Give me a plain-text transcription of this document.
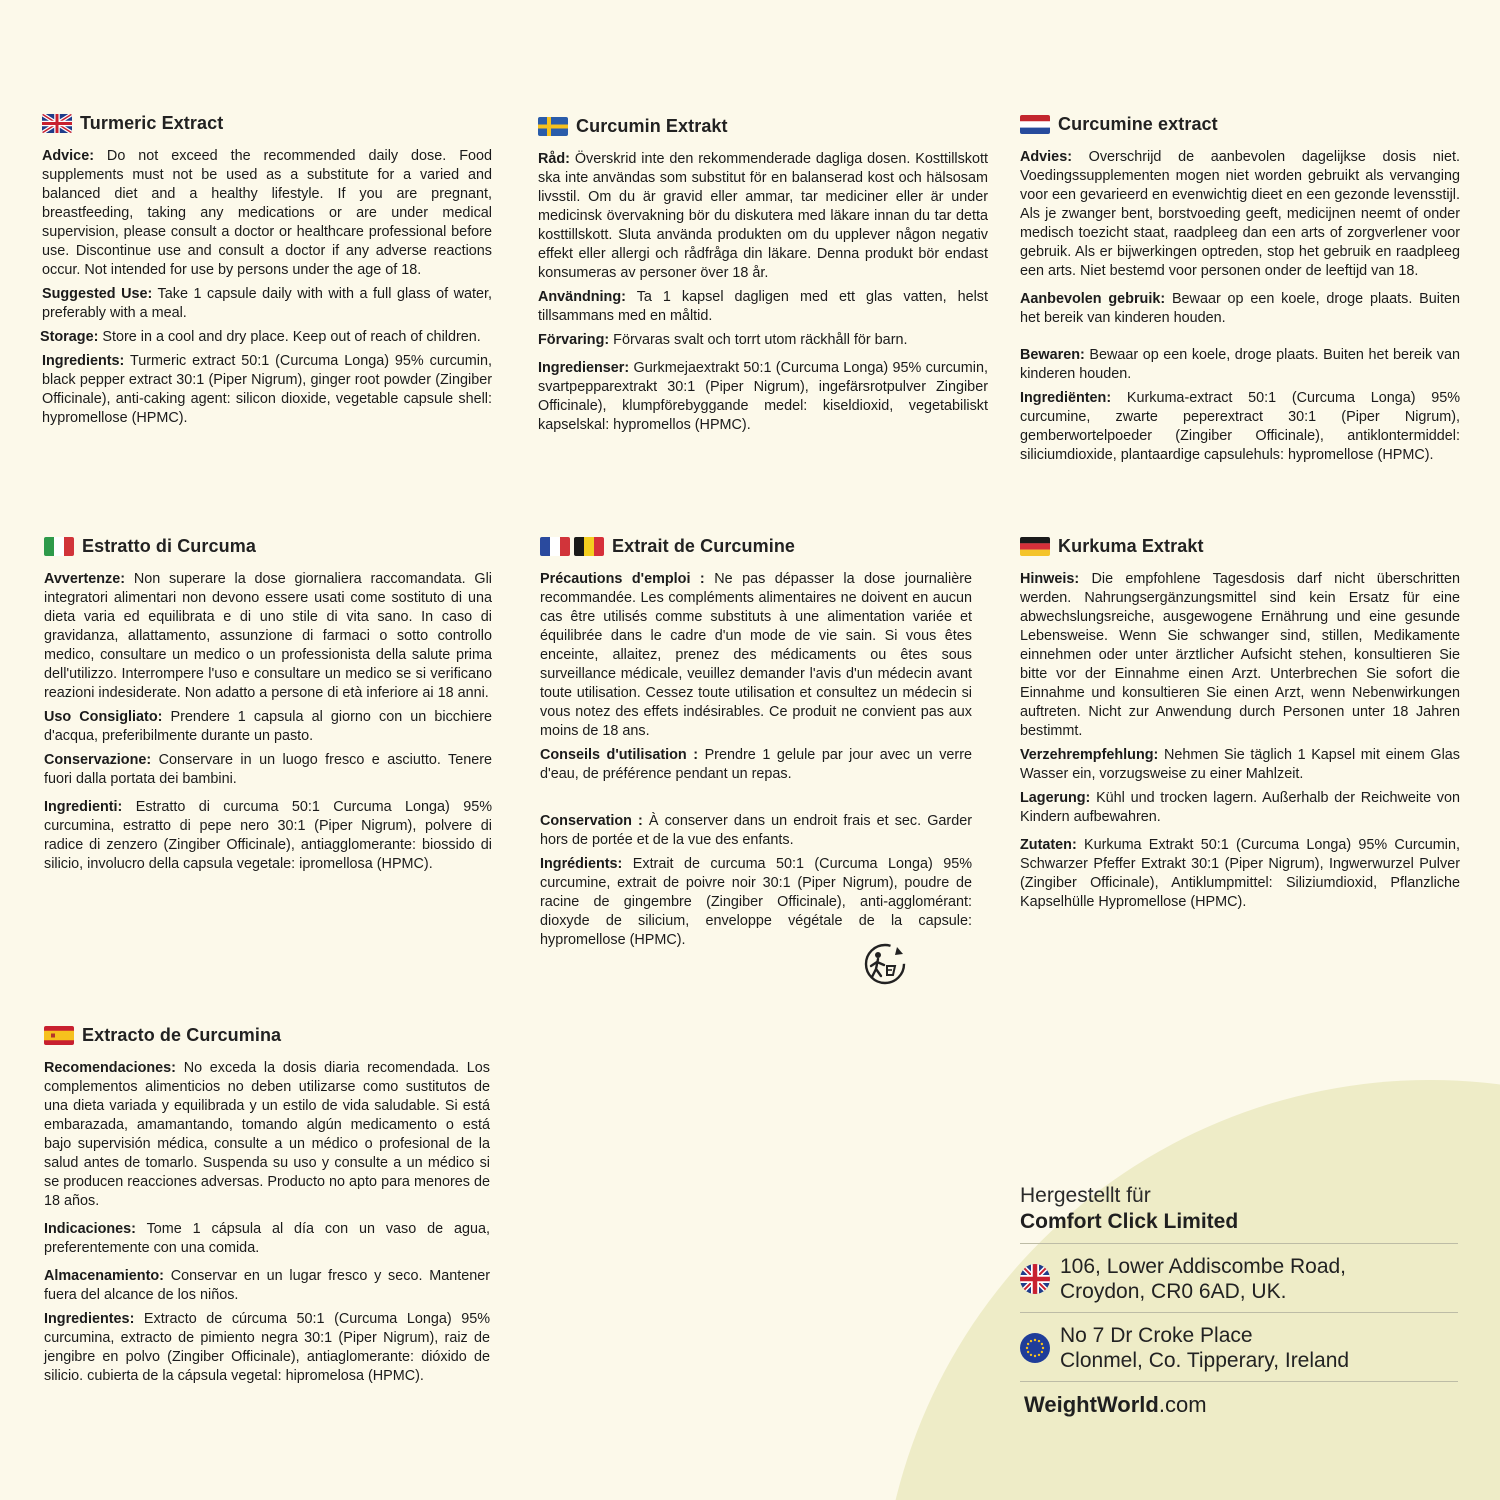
Turmeric Extract

Advice: Do not exceed the recommended daily dose. Food supplements must not be used as a substitute for a varied and balanced diet and a healthy lifestyle. If you are pregnant, breastfeeding, taking any medications or are under medical supervision, please consult a doctor or healthcare professional before use. Discontinue use and consult a doctor if any adverse reactions occur. Not intended for use by persons under the age of 18.

Suggested Use: Take 1 capsule daily with with a full glass of water, preferably with a meal.

Storage: Store in a cool and dry place. Keep out of reach of children.

Ingredients: Turmeric extract 50:1 (Curcuma Longa) 95% curcumin, black pepper extract 30:1 (Piper Nigrum), ginger root powder (Zingiber Officinale), anti-caking agent: silicon dioxide, vegetable capsule shell: hypromellose (HPMC).

Curcumin Extrakt

Råd: Överskrid inte den rekommenderade dagliga dosen. Kosttillskott ska inte användas som substitut för en balanserad kost och hälsosam livsstil. Om du är gravid eller ammar, tar mediciner eller är under medicinsk övervakning bör du diskutera med läkare innan du tar detta kosttillskott. Sluta använda produkten om du upplever någon negativ effekt eller allergi och rådfråga din läkare. Denna produkt bör endast konsumeras av personer över 18 år.

Användning: Ta 1 kapsel dagligen med ett glas vatten, helst tillsammans med en måltid.

Förvaring: Förvaras svalt och torrt utom räckhåll för barn.

Ingredienser: Gurkmejaextrakt 50:1 (Curcuma Longa) 95% curcumin, svartpepparextrakt 30:1 (Piper Nigrum), ingefärsrotpulver Zingiber Officinale), klumpförebyggande medel: kiseldioxid, vegetabiliskt kapselskal: hypromellos (HPMC).

Curcumine extract

Advies: Overschrijd de aanbevolen dagelijkse dosis niet. Voedingssupplementen mogen niet worden gebruikt als vervanging voor een gevarieerd en evenwichtig dieet en een gezonde levensstijl. Als je zwanger bent, borstvoeding geeft, medicijnen neemt of onder medisch toezicht staat, raadpleeg dan een arts of zorgverlener voor gebruik. Als er bijwerkingen optreden, stop het gebruik en raadpleeg een arts. Niet bestemd voor personen onder de leeftijd van 18.

Aanbevolen gebruik: Bewaar op een koele, droge plaats. Buiten het bereik van kinderen houden.

Bewaren: Bewaar op een koele, droge plaats. Buiten het bereik van kinderen houden.

Ingrediënten: Kurkuma-extract 50:1 (Curcuma Longa) 95% curcumine, zwarte peperextract 30:1 (Piper Nigrum), gemberwortelpoeder (Zingiber Officinale), antiklontermiddel: siliciumdioxide, plantaardige capsulehuls: hypromellose (HPMC).

Estratto di Curcuma

Avvertenze: Non superare la dose giornaliera raccomandata. Gli integratori alimentari non devono essere usati come sostituto di una dieta varia ed equilibrata e di uno stile di vita sano. In caso di gravidanza, allattamento, assunzione di farmaci o sotto controllo medico, consultare un medico o un professionista della salute prima dell'utilizzo. Interrompere l'uso e consultare un medico se si verificano reazioni indesiderate. Non adatto a persone di età inferiore ai 18 anni.

Uso Consigliato: Prendere 1 capsula al giorno con un bicchiere d'acqua, preferibilmente durante un pasto.

Conservazione: Conservare in un luogo fresco e asciutto. Tenere fuori dalla portata dei bambini.

Ingredienti: Estratto di curcuma 50:1 Curcuma Longa) 95% curcumina, estratto di pepe nero 30:1 (Piper Nigrum), polvere di radice di zenzero (Zingiber Officinale), antiagglomerante: biossido di silicio, involucro della capsula vegetale: ipromellosa (HPMC).

Extrait de Curcumine

Précautions d'emploi : Ne pas dépasser la dose journalière recommandée. Les compléments alimentaires ne doivent en aucun cas être utilisés comme substituts à une alimentation variée et équilibrée dans le cadre d'un mode de vie sain. Si vous êtes enceinte, allaitez, prenez des médicaments ou êtes sous surveillance médicale, veuillez demander l'avis d'un médecin avant toute utilisation. Cessez toute utilisation et consultez un médecin si vous notez des effets indésirables. Ce produit ne convient pas aux moins de 18 ans.

Conseils d'utilisation : Prendre 1 gelule par jour avec un verre d'eau, de préférence pendant un repas.

Conservation : À conserver dans un endroit frais et sec. Garder hors de portée et de la vue des enfants.

Ingrédients: Extrait de curcuma 50:1 (Curcuma Longa) 95% curcumine, extrait de poivre noir 30:1 (Piper Nigrum), poudre de racine de gingembre (Zingiber Officinale), anti-agglomérant: dioxyde de silicium, enveloppe végétale de la capsule: hypromellose (HPMC).

Kurkuma Extrakt

Hinweis: Die empfohlene Tagesdosis darf nicht überschritten werden. Nahrungsergänzungsmittel sind kein Ersatz für eine abwechslungsreiche, ausgewogene Ernährung und eine gesunde Lebensweise. Wenn Sie schwanger sind, stillen, Medikamente einnehmen oder unter ärztlicher Aufsicht stehen, konsultieren Sie bitte vor der Einnahme einen Arzt. Unterbrechen Sie sofort die Einnahme und konsultieren Sie einen Arzt, wenn Nebenwirkungen auftreten. Nicht zur Anwendung durch Personen unter 18 Jahren bestimmt.

Verzehrempfehlung: Nehmen Sie täglich 1 Kapsel mit einem Glas Wasser ein, vorzugsweise zu einer Mahlzeit.

Lagerung: Kühl und trocken lagern. Außerhalb der Reichweite von Kindern aufbewahren.

Zutaten: Kurkuma Extrakt 50:1 (Curcuma Longa) 95% Curcumin, Schwarzer Pfeffer Extrakt 30:1 (Piper Nigrum), Ingwerwurzel Pulver (Zingiber Officinale), Antiklumpmittel: Siliziumdioxid, Pflanzliche Kapselhülle Hypromellose (HPMC).

Extracto de Curcumina

Recomendaciones: No exceda la dosis diaria recomendada. Los complementos alimenticios no deben utilizarse como sustitutos de una dieta variada y equilibrada y un estilo de vida saludable. Si está embarazada, amamantando, tomando algún medicamento o está bajo supervisión médica, consulte a un médico o profesional de la salud antes de tomarlo. Suspenda su uso y consulte a un médico si se producen reacciones adversas. Producto no apto para menores de 18 años.

Indicaciones: Tome 1 cápsula al día con un vaso de agua, preferentemente con una comida.

Almacenamiento: Conservar en un lugar fresco y seco. Mantener fuera del alcance de los niños.

Ingredientes: Extracto de cúrcuma 50:1 (Curcuma Longa) 95% curcumina, extracto de pimiento negra 30:1 (Piper Nigrum), raiz de jengibre en polvo (Zingiber Officinale), antiaglomerante: dióxido de silicio. cubierta de la cápsula vegetal: hipromelosa (HPMC).

Hergestellt für
Comfort Click Limited
106, Lower Addiscombe Road,
Croydon, CR0 6AD, UK.
No 7 Dr Croke Place
Clonmel, Co. Tipperary, Ireland
WeightWorld.com
